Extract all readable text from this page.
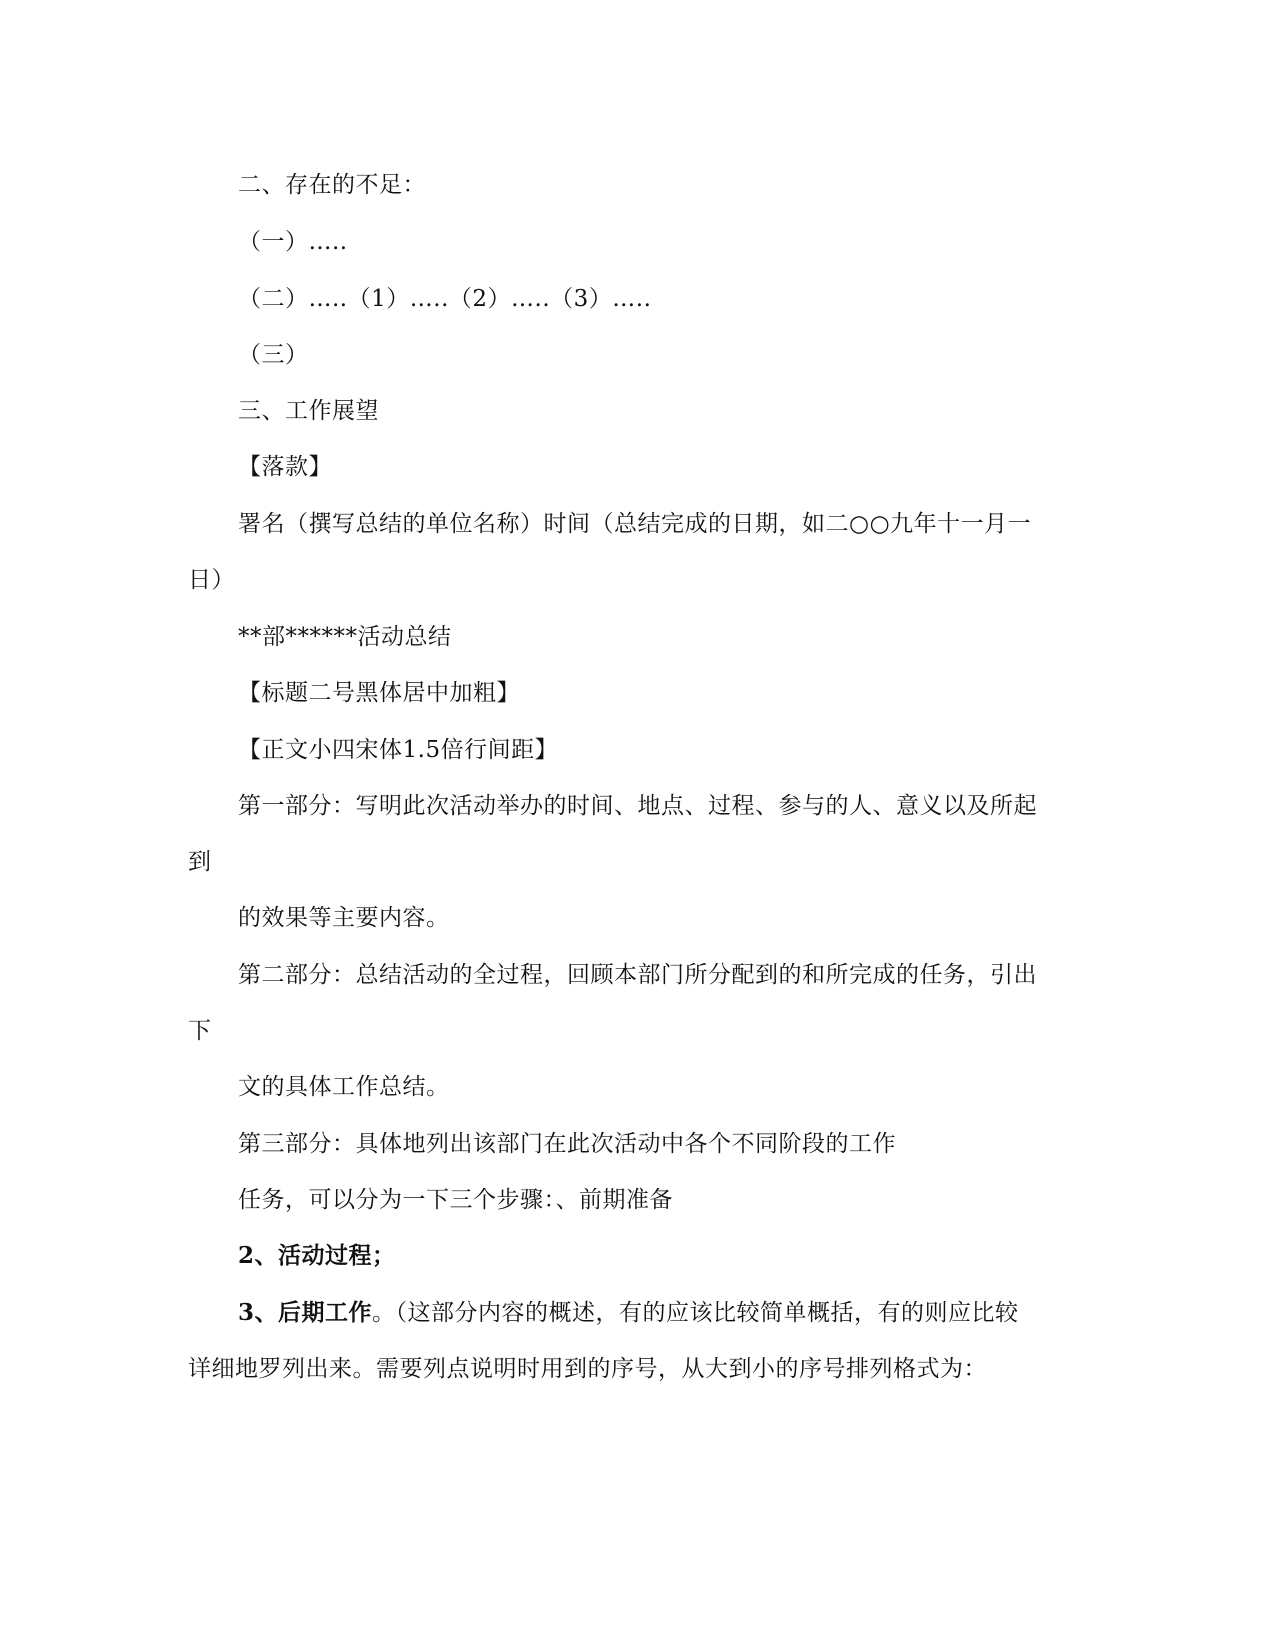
二、存在的不足：
（一）…..
（二）…..（1）…..（2）…..（3）…..
（三）
三、工作展望
【落款】
署名（撰写总结的单位名称）时间（总结完成的日期，如二○○九年十一月一
日）
**部******活动总结
【标题二号黑体居中加粗】
【正文小四宋体1.5倍行间距】
第一部分：写明此次活动举办的时间、地点、过程、参与的人、意义以及所起
到
的效果等主要内容。
第二部分：总结活动的全过程，回顾本部门所分配到的和所完成的任务，引出
下
文的具体工作总结。
第三部分：具体地列出该部门在此次活动中各个不同阶段的工作
任务，可以分为一下三个步骤：、前期准备
2、活动过程；
3、后期工作。（这部分内容的概述，有的应该比较简单概括，有的则应比较
详细地罗列出来。需要列点说明时用到的序号，从大到小的序号排列格式为：
